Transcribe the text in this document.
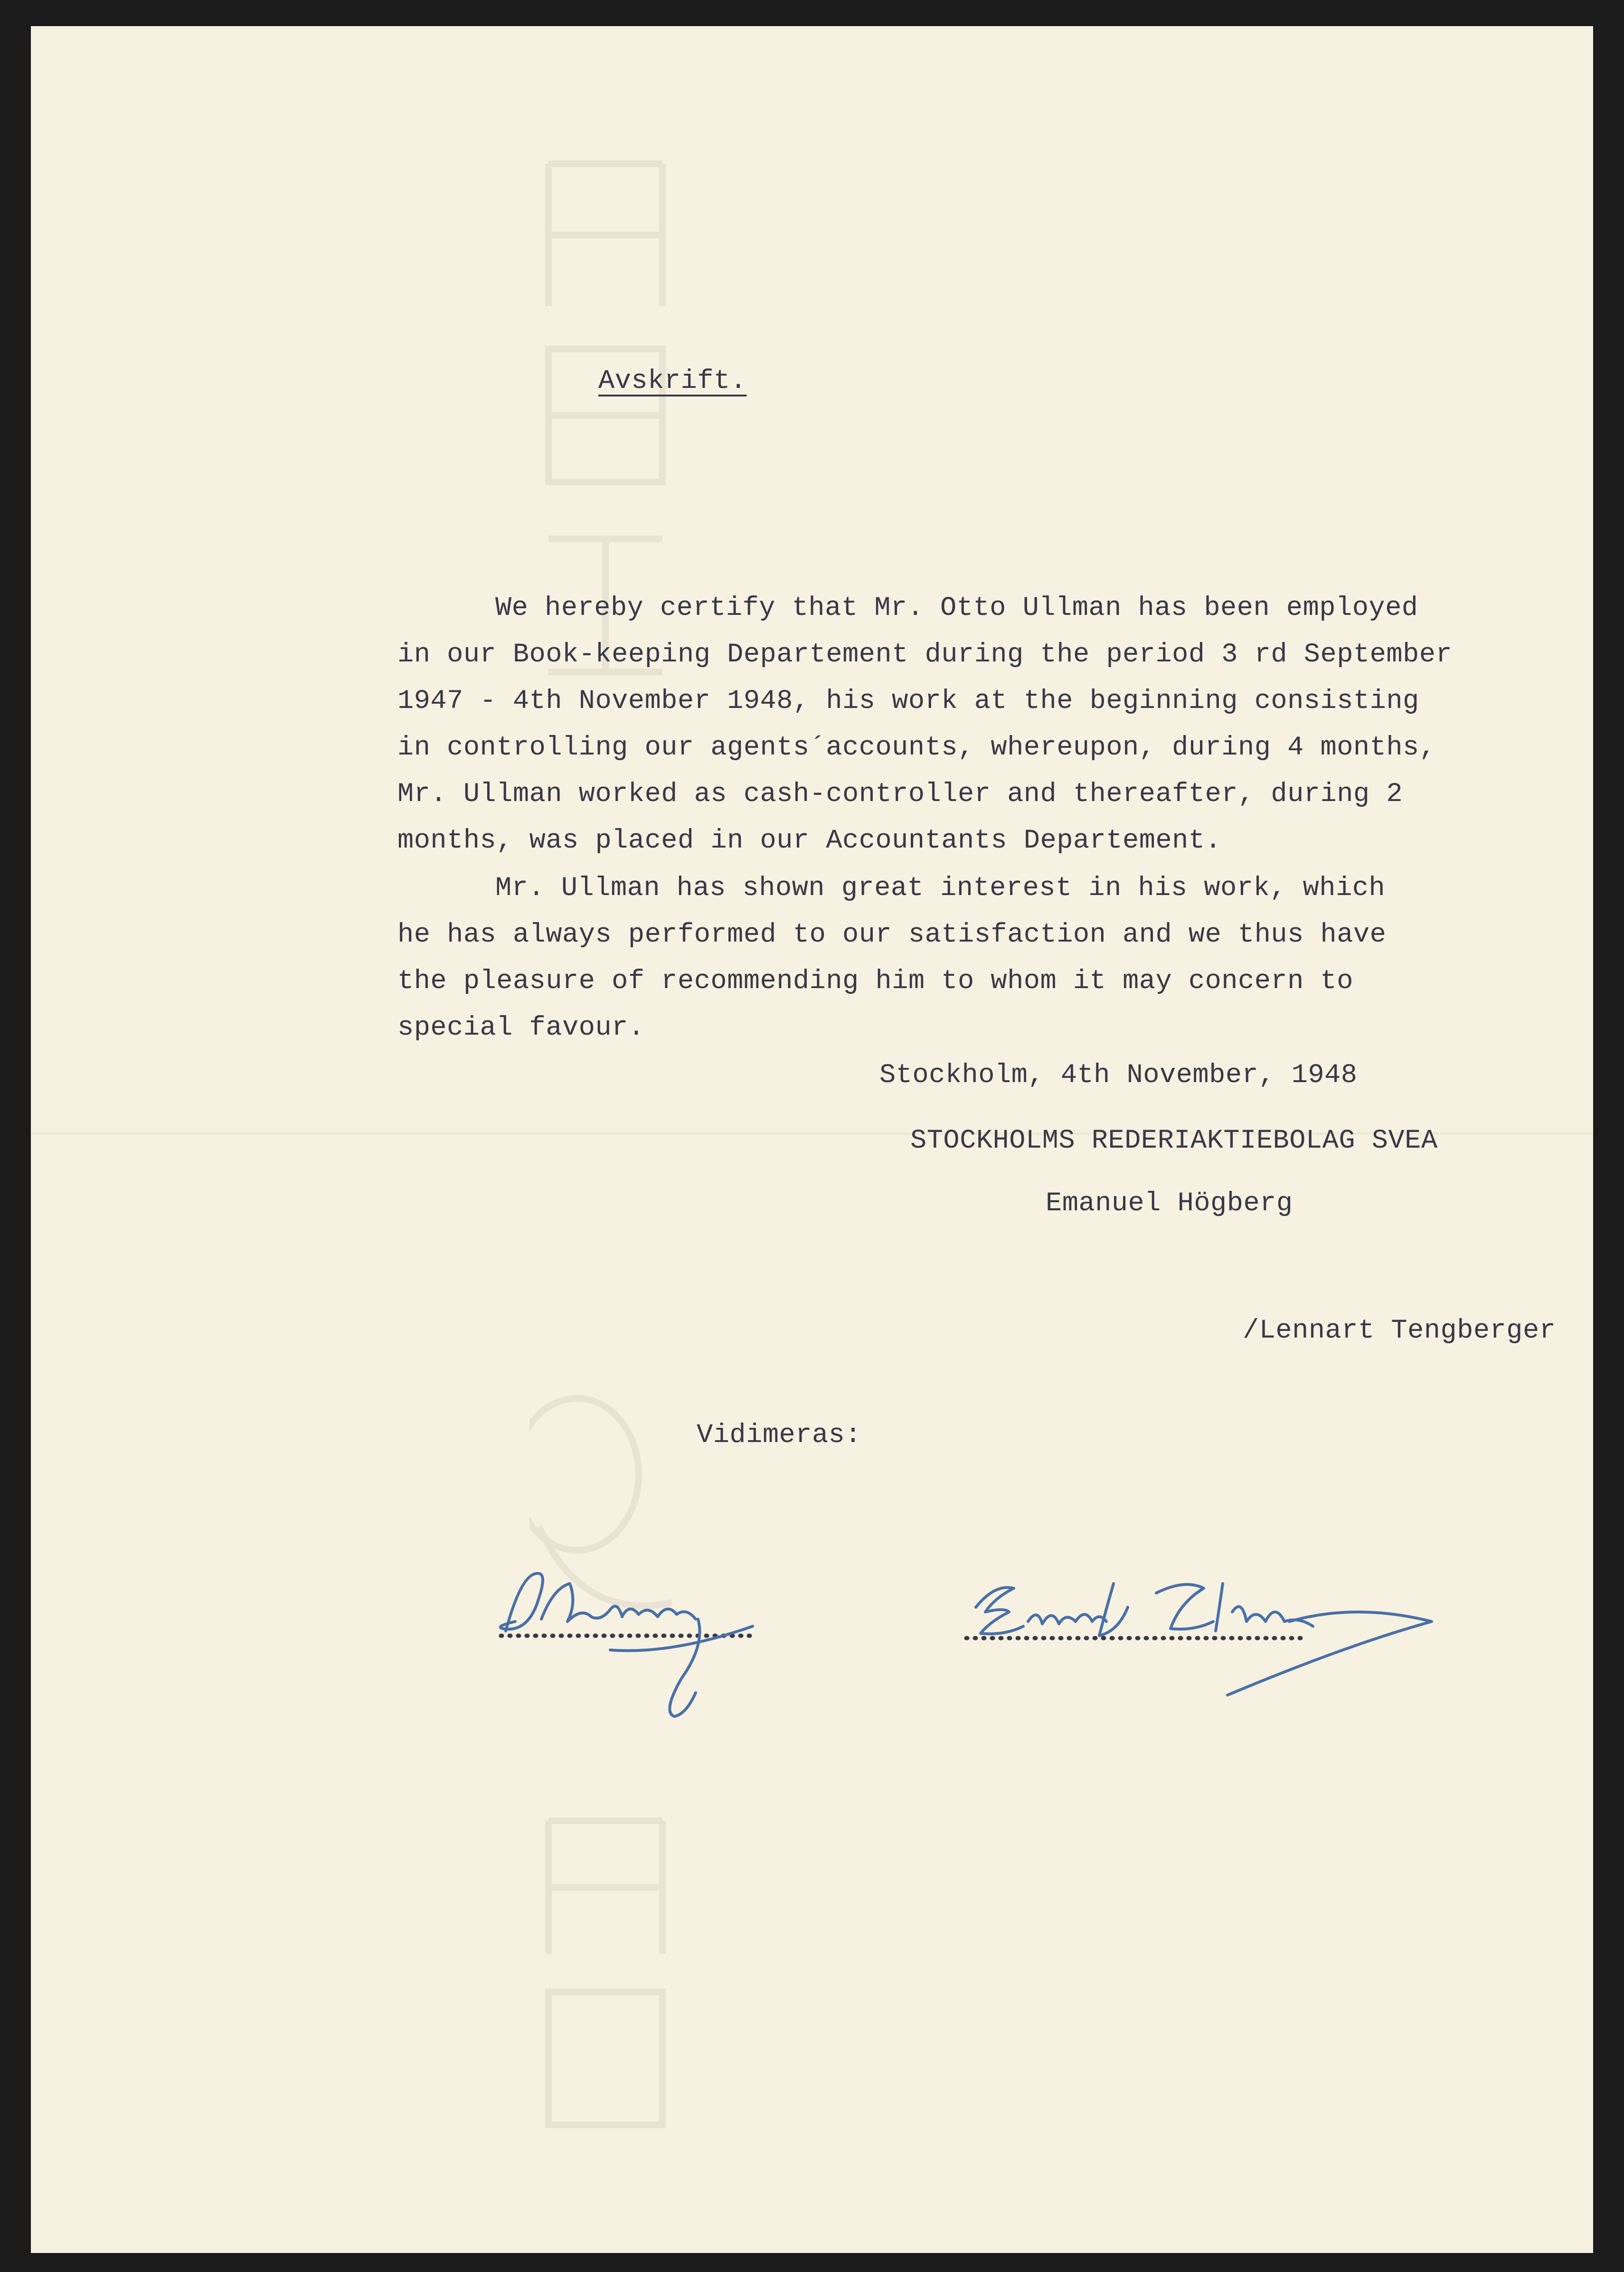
Avskrift.
We hereby certify that Mr. Otto Ullman has been employed
in our Book-keeping Departement during the period 3 rd September
1947 - 4th November 1948, his work at the beginning consisting
in controlling our agents´accounts, whereupon, during 4 months,
Mr. Ullman worked as cash-controller and thereafter, during 2
months, was placed in our Accountants Departement.
Mr. Ullman has shown great interest in his work, which
he has always performed to our satisfaction and we thus have
the pleasure of recommending him to whom it may concern to
special favour.
Stockholm, 4th November, 1948
STOCKHOLMS REDERIAKTIEBOLAG SVEA
Emanuel Högberg
/Lennart Tengberger
Vidimeras:
